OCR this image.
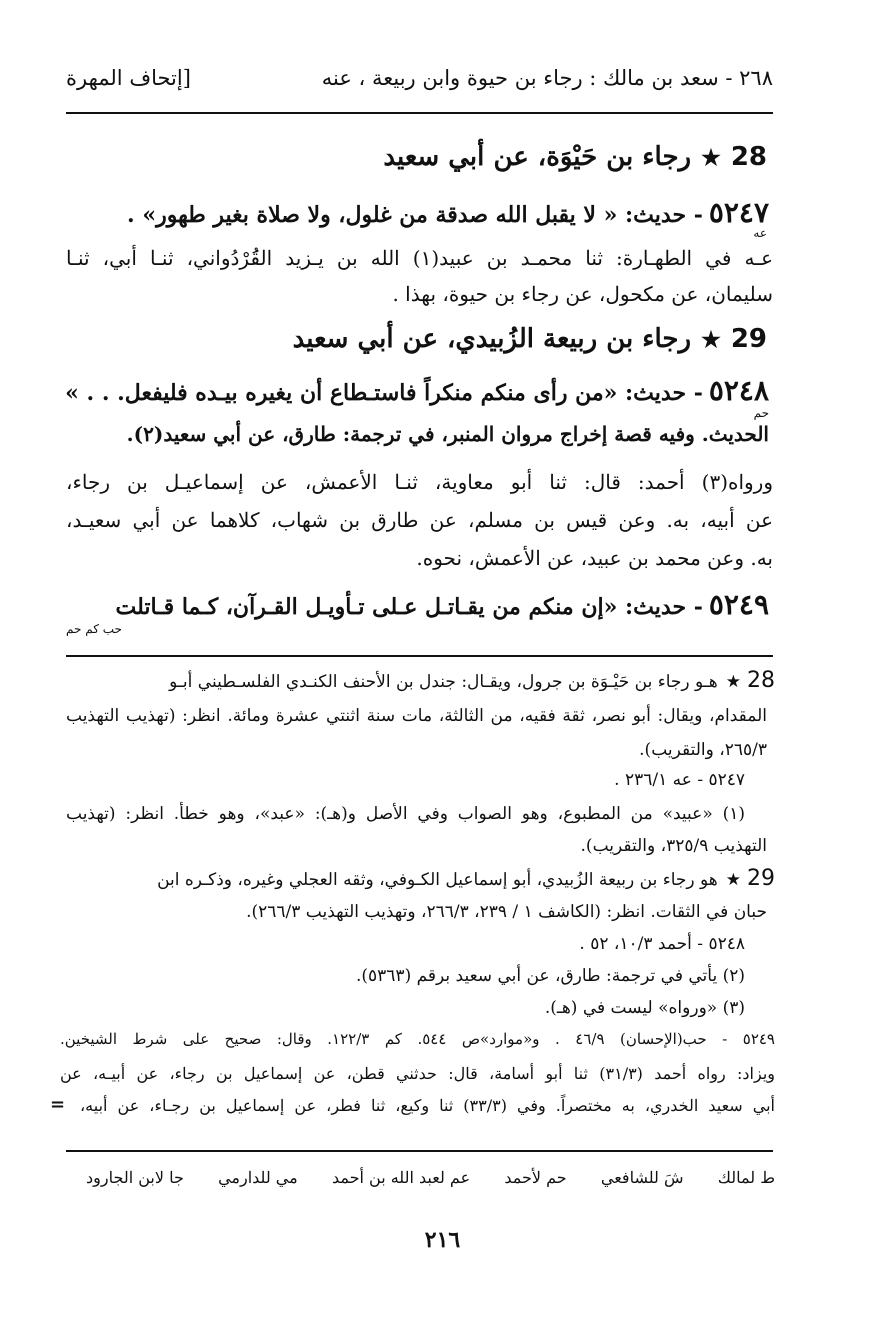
٢٦٨ - سعد بن مالك : رجاء بن حيوة وابن ربيعة ، عنه
[إتحاف المهرة
28★رجاء بن حَيْوَة، عن أبي سعيد
٥٢٤٧- حديث: « لا يقبل الله صدقة من غلول، ولا صلاة بغير طهور» .
عه
عـه في الطهـارة: ثنا محمـد بن عبيد(١) الله بن يـزيد القَُرْدُواني، ثنـا أبي، ثنـا
سليمان، عن مكحول، عن رجاء بن حيوة، بهذا .
29★رجاء بن ربيعة الزُبيدي، عن أبي سعيد
٥٢٤٨- حديث: «من رأى منكم منكراً فاستـطاع أن يغيره بيـده فليفعل. . . »
حم
الحديث. وفيه قصة إخراج مروان المنبر، في ترجمة: طارق، عن أبي سعيد(٢).
ورواه(٣) أحمد: قال: ثنا أبو معاوية، ثنـا الأعمش، عن إسماعيـل بن رجاء،
عن أبيه، به. وعن قيس بن مسلم، عن طارق بن شهاب، كلاهما عن أبي سعيـد،
به. وعن محمد بن عبيد، عن الأعمش، نحوه.
٥٢٤٩- حديث: «إن منكم من يقـاتـل عـلى تـأويـل القـرآن، كـما قـاتلت
حب كم حم
28★هـو رجاء بن حَيْـوَة بن جرول، ويقـال: جندل بن الأحنف الكنـدي الفلسـطيني أبـو
المقدام، ويقال: أبو نصر، ثقة فقيه، من الثالثة، مات سنة اثنتي عشرة ومائة. انظر: (تهذيب التهذيب
٢٦٥/٣، والتقريب).
٥٢٤٧ - عه ٢٣٦/١ .
(١) «عبيد» من المطبوع، وهو الصواب وفي الأصل و(هـ): «عبد»، وهو خطأ. انظر: (تهذيب
التهذيب ٣٢٥/٩، والتقريب).
29★هو رجاء بن ربيعة الزُبيدي، أبو إسماعيل الكـوفي، وثقه العجلي وغيره، وذكـره ابن
حبان في الثقات. انظر: (الكاشف ١ / ٢٣٩، ٢٦٦/٣، وتهذيب التهذيب ٢٦٦/٣).
٥٢٤٨ - أحمد ١٠/٣، ٥٢ .
(٢) يأتي في ترجمة: طارق، عن أبي سعيد برقم (٥٣٦٣).
(٣) «ورواه» ليست في (هـ).
٥٢٤٩ - حب(الإحسان) ٤٦/٩ . و«موارد»ص ٥٤٤. كم ١٢٢/٣. وقال: صحيح على شرط الشيخين.
ويزاد: رواه أحمد (٣١/٣) ثنا أبو أسامة، قال: حدثني قطن، عن إسماعيل بن رجاء، عن أبيـه، عن
أبي سعيد الخدري، به مختصراً. وفي (٣٣/٣) ثنا وكيع، ثنا فطر، عن إسماعيل بن رجـاء، عن أبيه،
=
ط لمالك
شَ للشافعي
حم لأحمد
عم لعبد الله بن أحمد
مي للدارمي
جا لابن الجارود
٢١٦
